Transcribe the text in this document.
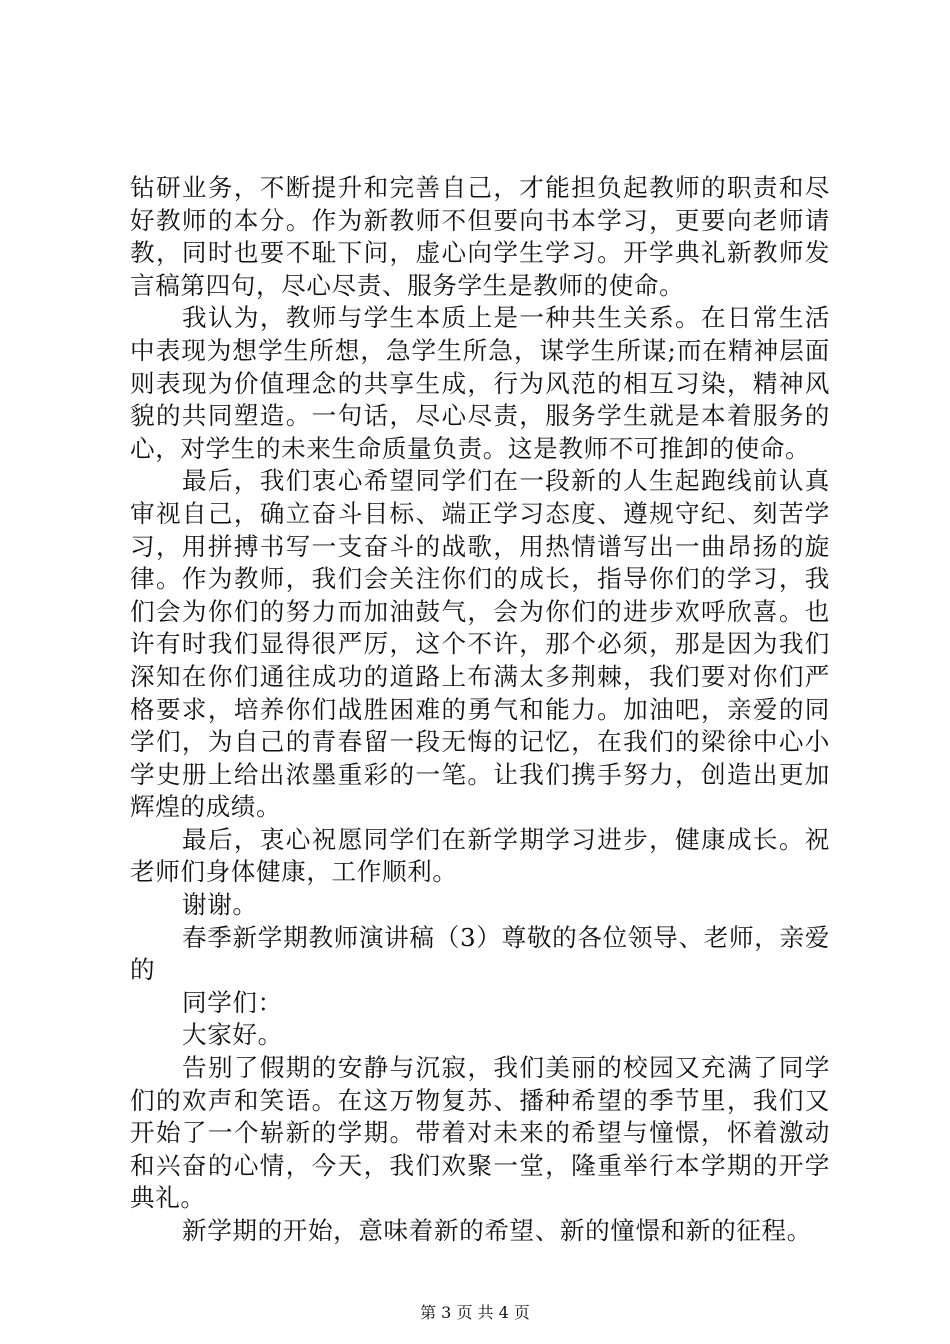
钻研业务，不断提升和完善自己，才能担负起教师的职责和尽好教师的本分。作为新教师不但要向书本学习，更要向老师请教，同时也要不耻下问，虚心向学生学习。开学典礼新教师发言稿第四句，尽心尽责、服务学生是教师的使命。

我认为，教师与学生本质上是一种共生关系。在日常生活中表现为想学生所想，急学生所急，谋学生所谋;而在精神层面则表现为价值理念的共享生成，行为风范的相互习染，精神风貌的共同塑造。一句话，尽心尽责，服务学生就是本着服务的心，对学生的未来生命质量负责。这是教师不可推卸的使命。

最后，我们衷心希望同学们在一段新的人生起跑线前认真审视自己，确立奋斗目标、端正学习态度、遵规守纪、刻苦学习，用拼搏书写一支奋斗的战歌，用热情谱写出一曲昂扬的旋律。作为教师，我们会关注你们的成长，指导你们的学习，我们会为你们的努力而加油鼓气，会为你们的进步欢呼欣喜。也许有时我们显得很严厉，这个不许，那个必须，那是因为我们深知在你们通往成功的道路上布满太多荆棘，我们要对你们严格要求，培养你们战胜困难的勇气和能力。加油吧，亲爱的同学们，为自己的青春留一段无悔的记忆，在我们的梁徐中心小学史册上给出浓墨重彩的一笔。让我们携手努力，创造出更加辉煌的成绩。

最后，衷心祝愿同学们在新学期学习进步，健康成长。祝老师们身体健康，工作顺利。

谢谢。

春季新学期教师演讲稿（3）尊敬的各位领导、老师，亲爱的

同学们：

大家好。

告别了假期的安静与沉寂，我们美丽的校园又充满了同学们的欢声和笑语。在这万物复苏、播种希望的季节里，我们又开始了一个崭新的学期。带着对未来的希望与憧憬，怀着激动和兴奋的心情，今天，我们欢聚一堂，隆重举行本学期的开学典礼。

新学期的开始，意味着新的希望、新的憧憬和新的征程。

第 3 页 共 4 页
